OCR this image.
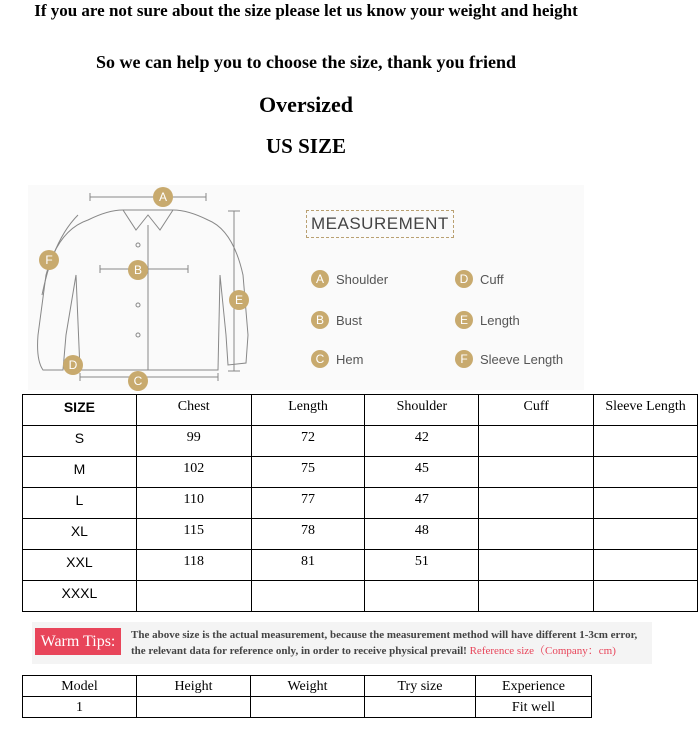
If you are not sure about the size please let us know your weight and height
So we can help you to choose the size, thank you friend
Oversized
US SIZE
A
B
C
D
E
F
MEASUREMENT
A Shoulder
B Bust
C Hem
D Cuff
E Length
F Sleeve Length
SIZE	Chest	Length	Shoulder	Cuff	Sleeve Length
S	99	72	42		
M	102	75	45		
L	110	77	47		
XL	115	78	48		
XXL	118	81	51		
XXXL					
Warm Tips:	The above size is the actual measurement, because the measurement method will have different 1-3cm error,
the relevant data for reference only, in order to receive physical prevail! Reference size（Company：cm)
Model	Height	Weight	Try size	Experience
1				Fit well
